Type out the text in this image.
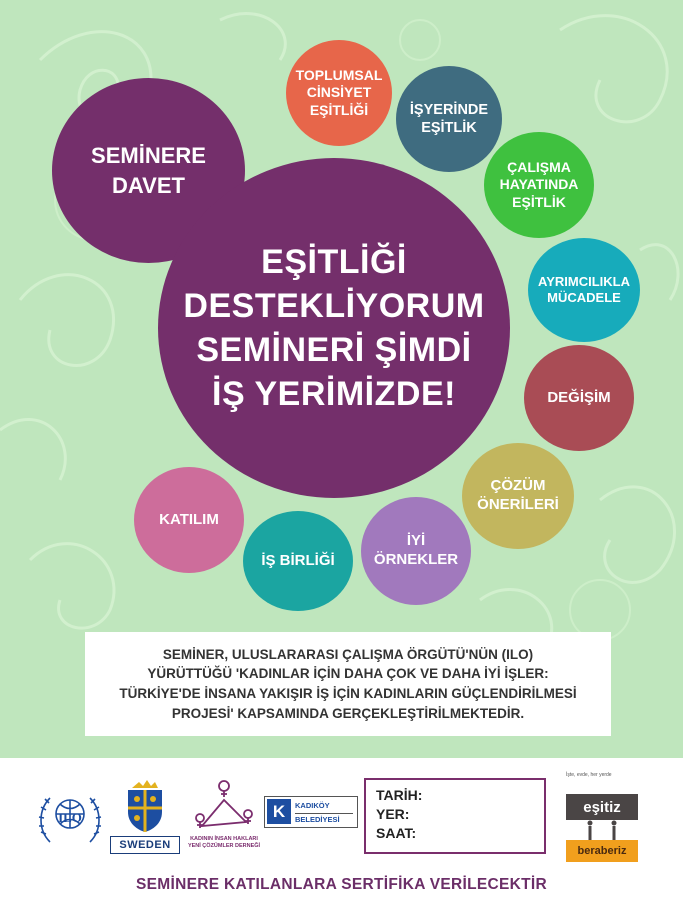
SEMİNERE
DAVET
EŞİTLİĞİ
DESTEKLİYORUM
SEMİNERİ ŞİMDİ
İŞ YERİMİZDE!
TOPLUMSAL
CİNSİYET
EŞİTLİĞİ	İŞYERİNDE
EŞİTLİK
ÇALIŞMA
HAYATINDA
EŞİTLİK
AYRIMCILIKLA
MÜCADELE
DEĞİŞİM
ÇÖZÜM
ÖNERİLERİ
İYİ
ÖRNEKLER
İŞ BİRLİĞİ
KATILIM
SEMİNER, ULUSLARARASI ÇALIŞMA ÖRGÜTÜ'NÜN (ILO)
YÜRÜTTÜĞÜ 'KADINLAR İÇİN DAHA ÇOK VE DAHA İYİ İŞLER:
TÜRKİYE'DE İNSANA YAKIŞIR İŞ İÇİN KADINLARIN GÜÇLENDİRİLMESİ
PROJESİ' KAPSAMINDA GERÇEKLEŞTİRİLMEKTEDİR.
ILO
SWEDEN	KADININ İNSAN HAKLARI
YENİ ÇÖZÜMLER DERNEĞİ
K	KADIKÖY
BELEDİYESİ
TARİH:
YER:
SAAT:
İşte, evde, her yerde
eşitiz
beraberiz
SEMİNERE KATILANLARA SERTİFİKA VERİLECEKTİR
